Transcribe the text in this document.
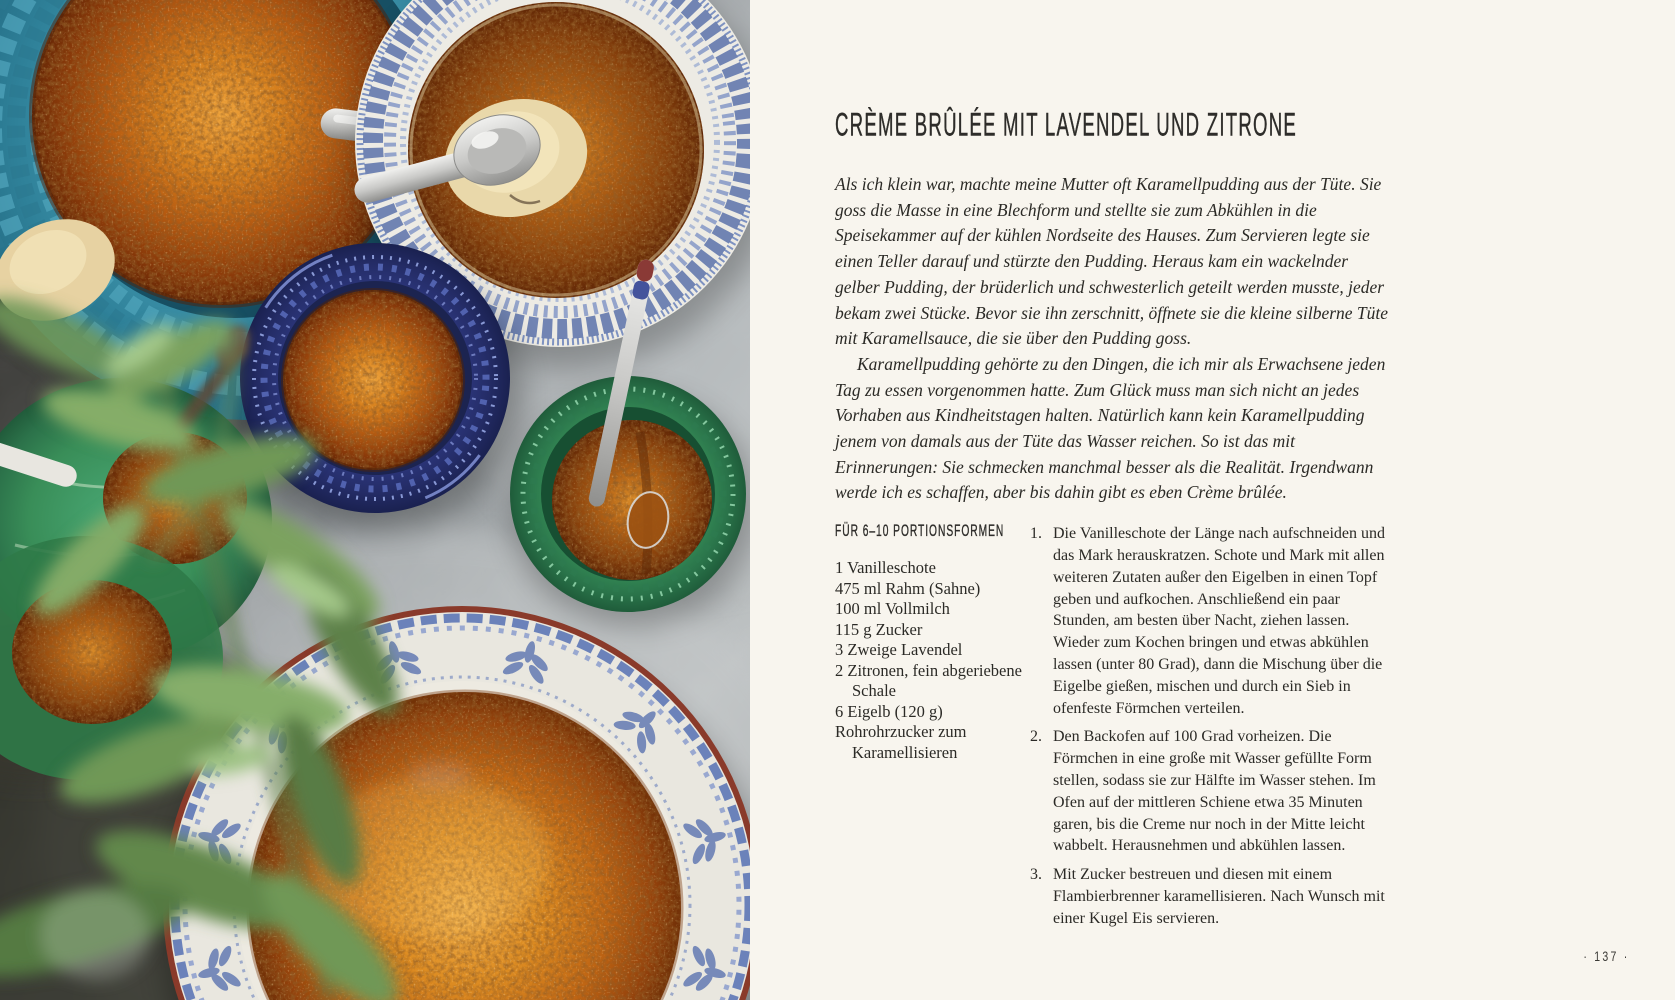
CRÈME BRÛLÉE MIT LAVENDEL UND ZITRONE

Als ich klein war, machte meine Mutter oft Karamellpudding aus der Tüte. Sie goss die Masse in eine Blechform und stellte sie zum Abkühlen in die Speisekammer auf der kühlen Nordseite des Hauses. Zum Servieren legte sie einen Teller darauf und stürzte den Pudding. Heraus kam ein wackelnder gelber Pudding, der brüderlich und schwesterlich geteilt werden musste, jeder bekam zwei Stücke. Bevor sie ihn zerschnitt, öffnete sie die kleine silberne Tüte mit Karamellsauce, die sie über den Pudding goss.

Karamellpudding gehörte zu den Dingen, die ich mir als Erwachsene jeden Tag zu essen vorgenommen hatte. Zum Glück muss man sich nicht an jedes Vorhaben aus Kindheitstagen halten. Natürlich kann kein Karamellpudding jenem von damals aus der Tüte das Wasser reichen. So ist das mit Erinnerungen: Sie schmecken manchmal besser als die Realität. Irgendwann werde ich es schaffen, aber bis dahin gibt es eben Crème brûlée.

FÜR 6–10 PORTIONSFORMEN
1 Vanilleschote
475 ml Rahm (Sahne)
100 ml Vollmilch
115 g Zucker
3 Zweige Lavendel
2 Zitronen, fein abgeriebene Schale
6 Eigelb (120 g)
Rohrohrzucker zum Karamellisieren
1. Die Vanilleschote der Länge nach aufschneiden und das Mark herauskratzen. Schote und Mark mit allen weiteren Zutaten außer den Eigelben in einen Topf geben und aufkochen. Anschließend ein paar Stunden, am besten über Nacht, ziehen lassen. Wieder zum Kochen bringen und etwas abkühlen lassen (unter 80 Grad), dann die Mischung über die Eigelbe gießen, mischen und durch ein Sieb in ofenfeste Förmchen verteilen.
2. Den Backofen auf 100 Grad vorheizen. Die Förmchen in eine große mit Wasser gefüllte Form stellen, sodass sie zur Hälfte im Wasser stehen. Im Ofen auf der mittleren Schiene etwa 35 Minuten garen, bis die Creme nur noch in der Mitte leicht wabbelt. Herausnehmen und abkühlen lassen.
3. Mit Zucker bestreuen und diesen mit einem Flambierbrenner karamellisieren. Nach Wunsch mit einer Kugel Eis servieren.
· 137 ·
